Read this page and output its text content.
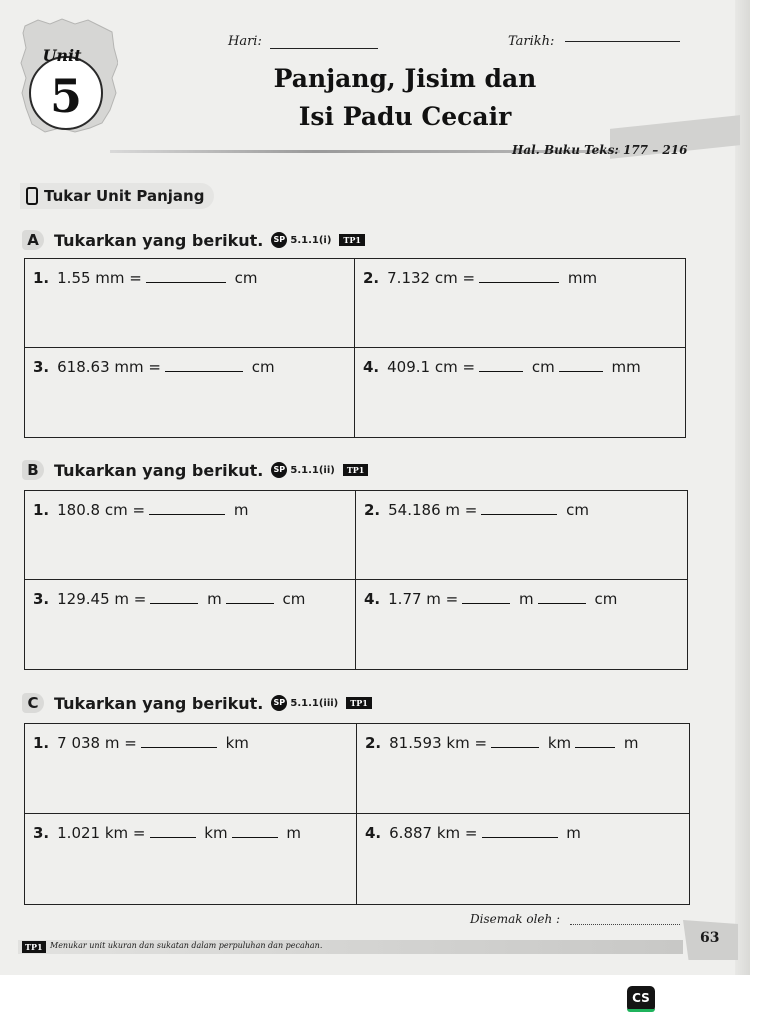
Unit
5
Hari:	Tarikh:
Panjang, Jisim dan
Isi Padu Cecair
Hal. Buku Teks: 177 – 216
Tukar Unit Panjang
A Tukarkan yang berikut. SP 5.1.1(i)	TP1
1. 1.55 mm =	cm	2. 7.132 cm =	mm
3. 618.63 mm =	cm	4. 409.1 cm =	cm	mm
B Tukarkan yang berikut. SP 5.1.1(ii)	TP1
1. 180.8 cm =	m	2. 54.186 m =	cm
3. 129.45 m =	m	cm	4. 1.77 m =	m	cm
C Tukarkan yang berikut. SP 5.1.1(iii)	TP1
1. 7 038 m =	km	2. 81.593 km =	km	m
3. 1.021 km =	km	m	4. 6.887 km =	m
Disemak oleh :
TP1 Menukar unit ukuran dan sukatan dalam perpuluhan dan pecahan.	63
CS
